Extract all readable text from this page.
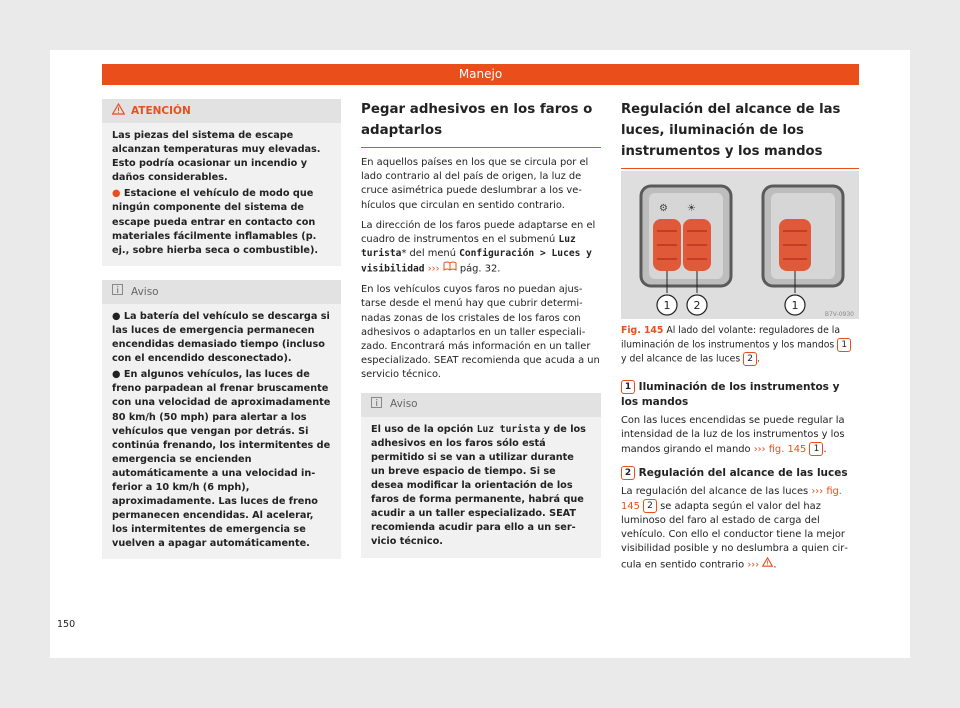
Manejo
ATENCIÓN

Las piezas del sistema de escape alcanzan temperaturas muy elevadas. Esto podría ocasionar un incendio y daños considerables.

● Estacione el vehículo de modo que ningún componente del sistema de escape pueda entrar en contacto con materiales fácilmente inflamables (p. ej., sobre hierba seca o combustible).

Aviso

● La batería del vehículo se descarga si las luces de emergencia permanecen encendidas demasiado tiempo (incluso con el encendido desconectado).

● En algunos vehículos, las luces de freno parpadean al frenar bruscamente con una velocidad de aproximadamente 80 km/h (50 mph) para alertar a los vehículos que vengan por detrás. Si continúa frenando, los intermitentes de emergencia se encienden automáticamente a una velocidad inferior a 10 km/h (6 mph), aproximadamente. Las luces de freno permanecen encendidas. Al acelerar, los intermitentes de emergencia se vuelven a apagar automáticamente.

Pegar adhesivos en los faros o adaptarlos

En aquellos países en los que se circula por el lado contrario al del país de origen, la luz de cruce asimétrica puede deslumbrar a los vehículos que circulan en sentido contrario.

La dirección de los faros puede adaptarse en el cuadro de instrumentos en el submenú Luz turista* del menú Configuración > Luces y visibilidad ››› pág. 32.

En los vehículos cuyos faros no puedan ajustarse desde el menú hay que cubrir determinadas zonas de los cristales de los faros con adhesivos o adaptarlos en un taller especializado. Encontrará más información en un taller especializado. SEAT recomienda que acuda a un servicio técnico.

Aviso

El uso de la opción Luz turista y de los adhesivos en los faros sólo está permitido si se van a utilizar durante un breve espacio de tiempo. Si se desea modificar la orientación de los faros de forma permanente, habrá que acudir a un taller especializado. SEAT recomienda acudir para ello a un servicio técnico.

Regulación del alcance de las luces, iluminación de los instrumentos y los mandos
⚙ ☀
1 2	1
B7V-0930
Fig. 145 Al lado del volante: reguladores de la iluminación de los instrumentos y los mandos 1 y del alcance de las luces 2 .

1 Iluminación de los instrumentos y los mandos

Con las luces encendidas se puede regular la intensidad de la luz de los instrumentos y los mandos girando el mando ››› fig. 145 1 .

2 Regulación del alcance de las luces

La regulación del alcance de las luces ››› fig. 145 2 se adapta según el valor del haz luminoso del faro al estado de carga del vehículo. Con ello el conductor tiene la mejor visibilidad posible y no deslumbra a quien circula en sentido contrario ››› .

150
